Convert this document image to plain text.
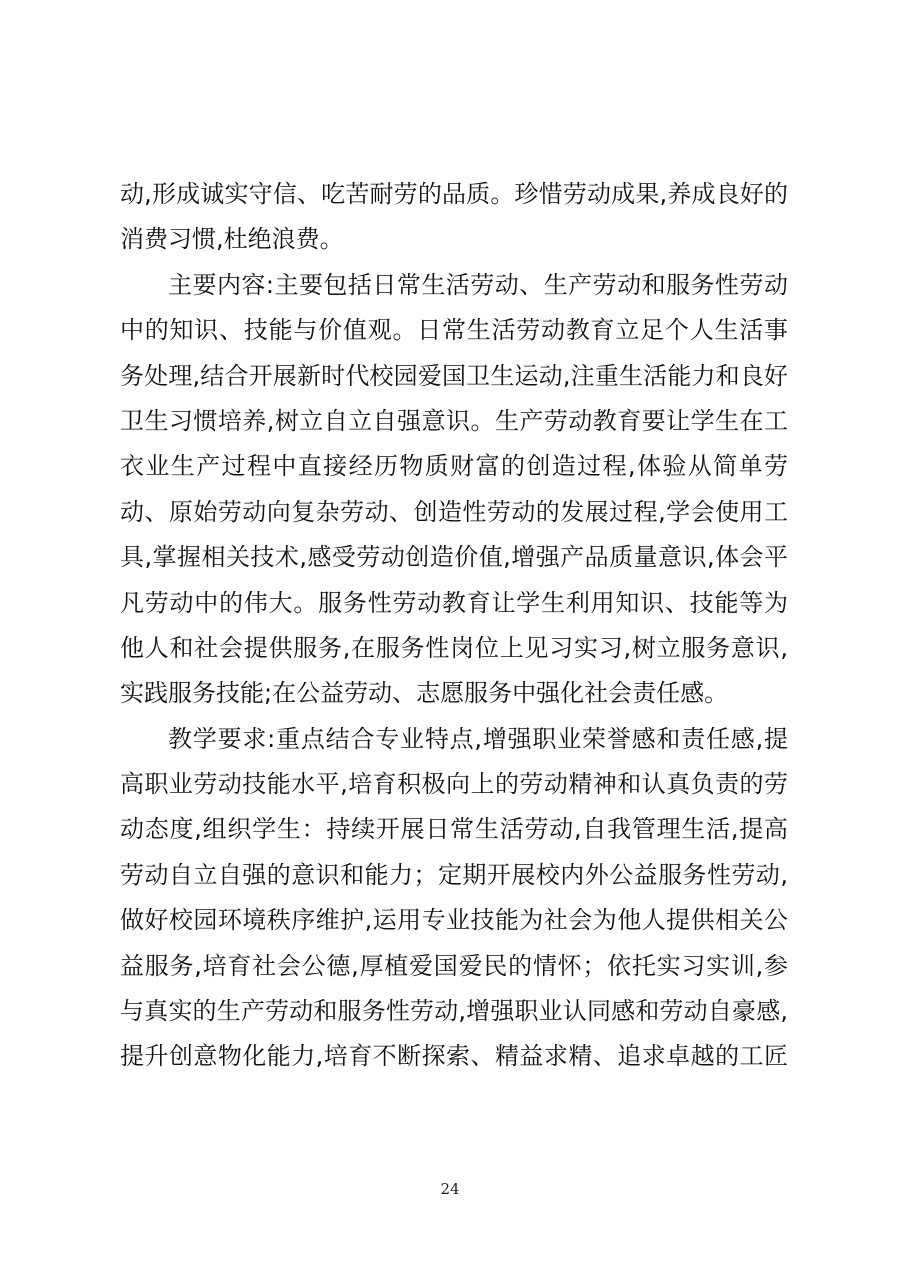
动,形成诚实守信、吃苦耐劳的品质。珍惜劳动成果,养成良好的
消费习惯,杜绝浪费。
主要内容:主要包括日常生活劳动、生产劳动和服务性劳动
中的知识、技能与价值观。日常生活劳动教育立足个人生活事
务处理,结合开展新时代校园爱国卫生运动,注重生活能力和良好
卫生习惯培养,树立自立自强意识。生产劳动教育要让学生在工
衣业生产过程中直接经历物质财富的创造过程,体验从简单劳
动、原始劳动向复杂劳动、创造性劳动的发展过程,学会使用工
具,掌握相关技术,感受劳动创造价值,增强产品质量意识,体会平
凡劳动中的伟大。服务性劳动教育让学生利用知识、技能等为
他人和社会提供服务,在服务性岗位上见习实习,树立服务意识,
实践服务技能;在公益劳动、志愿服务中强化社会责任感。
教学要求:重点结合专业特点,增强职业荣誉感和责任感,提
高职业劳动技能水平,培育积极向上的劳动精神和认真负责的劳
动态度,组织学生：持续开展日常生活劳动,自我管理生活,提高
劳动自立自强的意识和能力；定期开展校内外公益服务性劳动,
做好校园环境秩序维护,运用专业技能为社会为他人提供相关公
益服务,培育社会公德,厚植爱国爱民的情怀；依托实习实训,参
与真实的生产劳动和服务性劳动,增强职业认同感和劳动自豪感,
提升创意物化能力,培育不断探索、精益求精、追求卓越的工匠
24
